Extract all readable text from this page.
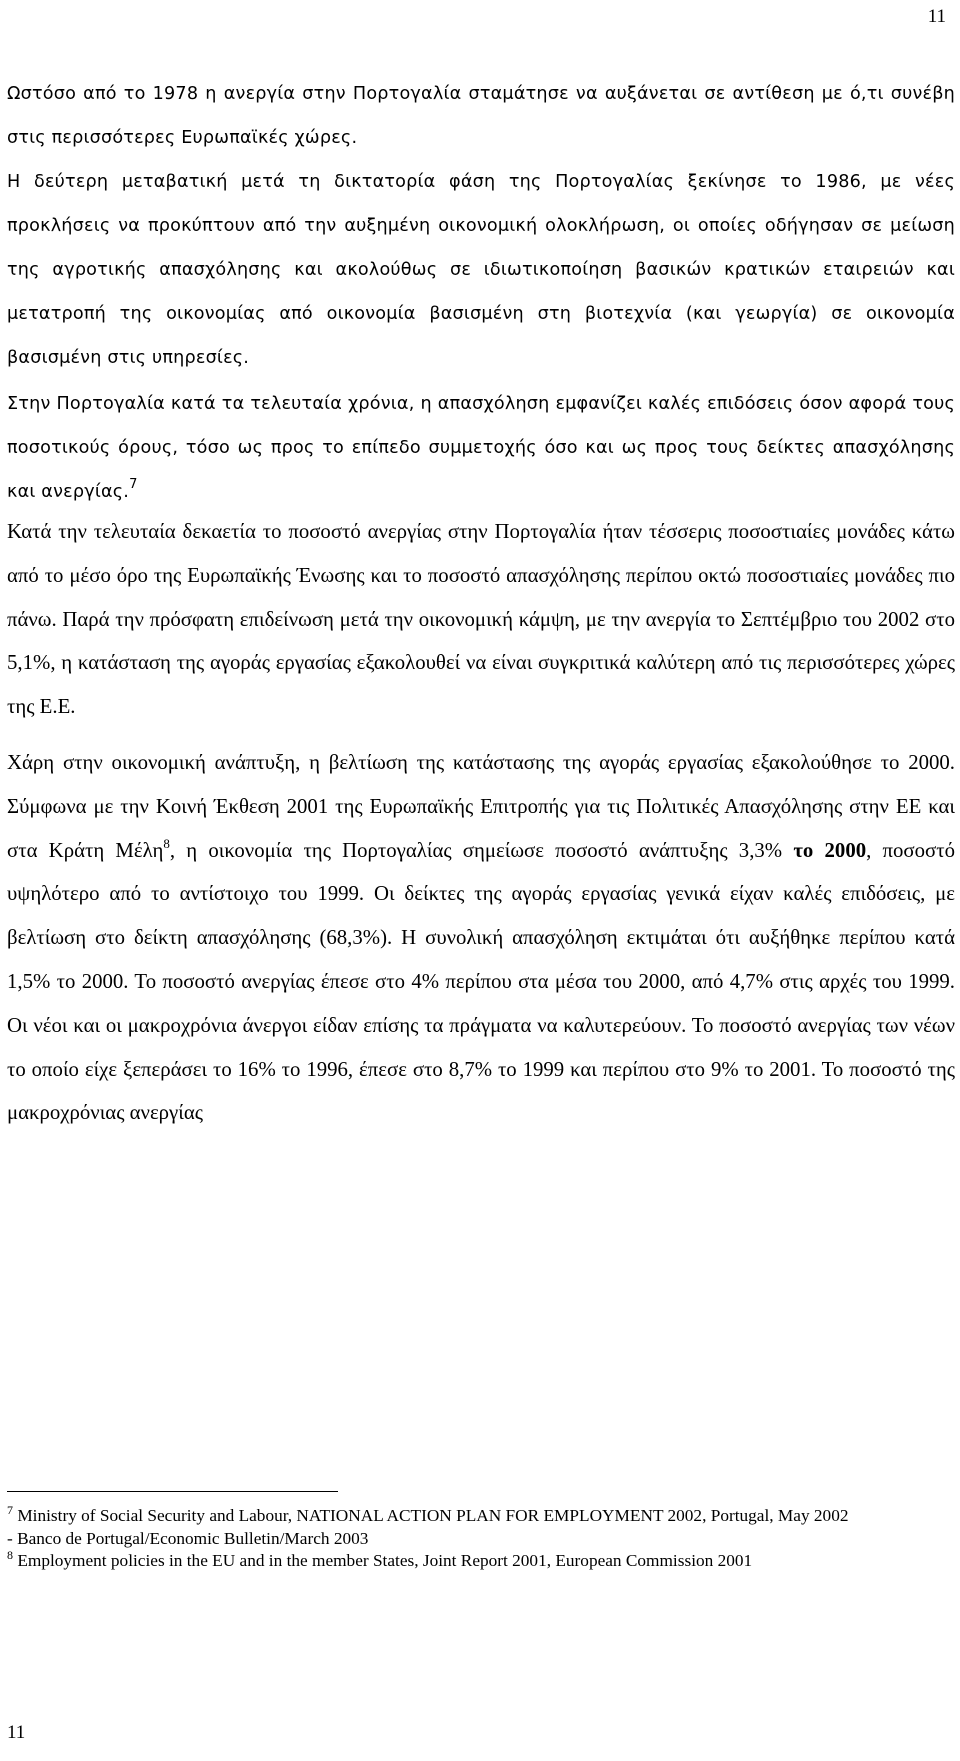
11

Ωστόσο από το 1978 η ανεργία στην Πορτογαλία σταμάτησε να αυξάνεται σε αντίθεση με ό,τι συνέβη στις περισσότερες Ευρωπαϊκές χώρες.

Η δεύτερη μεταβατική μετά τη δικτατορία φάση της Πορτογαλίας ξεκίνησε το 1986, με νέες προκλήσεις να προκύπτουν από την αυξημένη οικονομική ολοκλήρωση, οι οποίες οδήγησαν σε μείωση της αγροτικής απασχόλησης και ακολούθως σε ιδιωτικοποίηση βασικών κρατικών εταιρειών και μετατροπή της οικονομίας από οικονομία βασισμένη στη βιοτεχνία (και γεωργία) σε οικονομία βασισμένη στις υπηρεσίες.

Στην Πορτογαλία κατά τα τελευταία χρόνια, η απασχόληση εμφανίζει καλές επιδόσεις όσον αφορά τους ποσοτικούς όρους, τόσο ως προς το επίπεδο συμμετοχής όσο και ως προς τους δείκτες απασχόλησης και ανεργίας.$^7$

Κατά την τελευταία δεκαετία το ποσοστό ανεργίας στην Πορτογαλία ήταν τέσσερις ποσοστιαίες μονάδες κάτω από το μέσο όρο της Ευρωπαϊκής Ένωσης και το ποσοστό απασχόλησης περίπου οκτώ ποσοστιαίες μονάδες πιο πάνω. Παρά την πρόσφατη επιδείνωση μετά την οικονομική κάμψη, με την ανεργία το Σεπτέμβριο του 2002 στο 5,1%, η κατάσταση της αγοράς εργασίας εξακολουθεί να είναι συγκριτικά καλύτερη από τις περισσότερες χώρες της Ε.Ε.

Χάρη στην οικονομική ανάπτυξη, η βελτίωση της κατάστασης της αγοράς εργασίας εξακολούθησε το 2000. Σύμφωνα με την Κοινή Έκθεση 2001 της Ευρωπαϊκής Επιτροπής για τις Πολιτικές Απασχόλησης στην ΕΕ και στα Κράτη Μέλη$^8$, η οικονομία της Πορτογαλίας σημείωσε ποσοστό ανάπτυξης 3,3% το 2000, ποσοστό υψηλότερο από το αντίστοιχο του 1999. Οι δείκτες της αγοράς εργασίας γενικά είχαν καλές επιδόσεις, με βελτίωση στο δείκτη απασχόλησης (68,3%). Η συνολική απασχόληση εκτιμάται ότι αυξήθηκε περίπου κατά 1,5% το 2000. Το ποσοστό ανεργίας έπεσε στο 4% περίπου στα μέσα του 2000, από 4,7% στις αρχές του 1999. Οι νέοι και οι μακροχρόνια άνεργοι είδαν επίσης τα πράγματα να καλυτερεύουν. Το ποσοστό ανεργίας των νέων το οποίο είχε ξεπεράσει το 16% το 1996, έπεσε στο 8,7% το 1999 και περίπου στο 9% το 2001. Το ποσοστό της μακροχρόνιας ανεργίας

$^7$ Ministry of Social Security and Labour, NATIONAL ACTION PLAN FOR EMPLOYMENT 2002, Portugal, May 2002
- Banco de Portugal/Economic Bulletin/March 2003
$^8$ Employment policies in the EU and in the member States, Joint Report 2001, European Commission 2001
11
